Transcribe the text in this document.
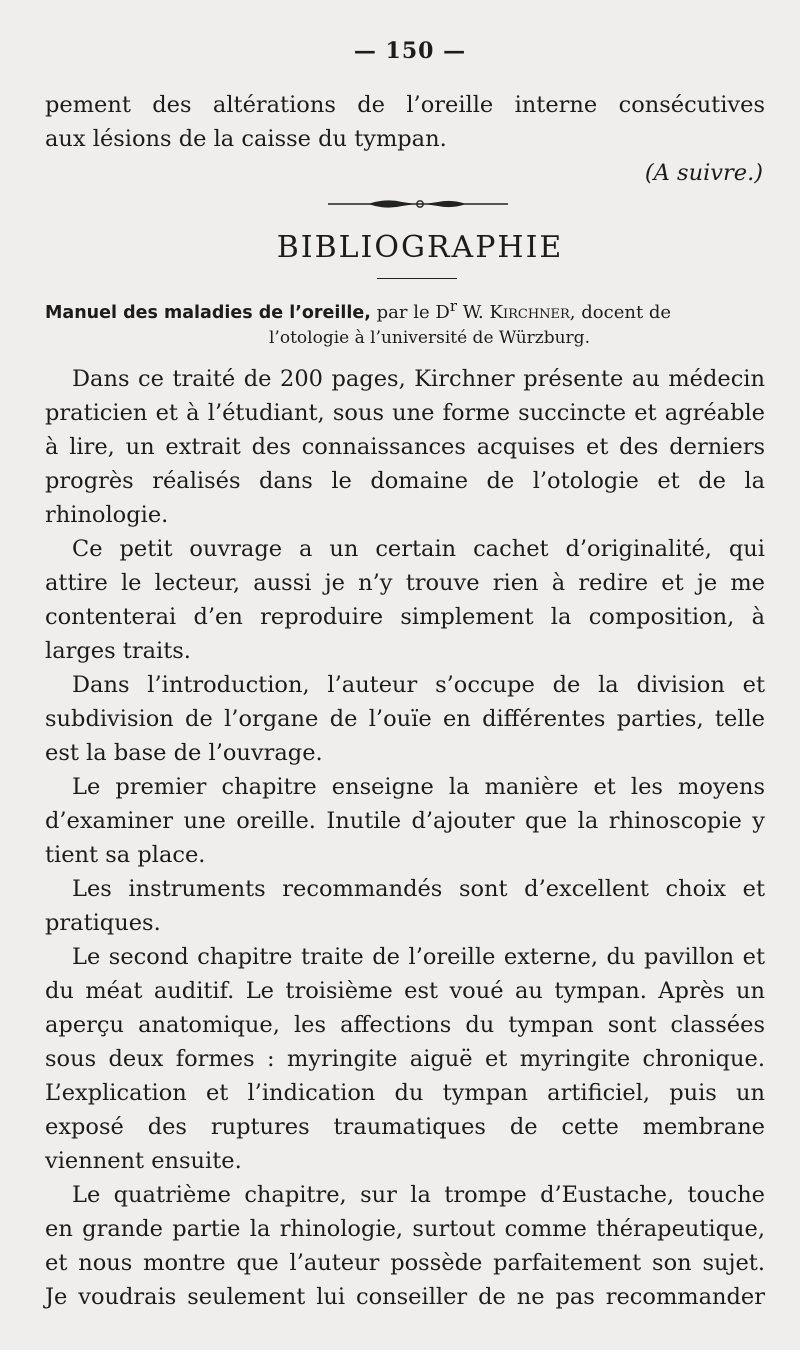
— 150 —
pement des altérations de l’oreille interne consécutives
aux lésions de la caisse du tympan.
(A suivre.)
BIBLIOGRAPHIE
Manuel des maladies de l’oreille, par le $D^r$ W. Kirchner, docent de
l’otologie à l’université de Würzburg.
Dans ce traité de 200 pages, Kirchner présente au médecin
praticien et à l’étudiant, sous une forme succincte et agréable
à lire, un extrait des connaissances acquises et des derniers
progrès réalisés dans le domaine de l’otologie et de la
rhinologie.
Ce petit ouvrage a un certain cachet d’originalité, qui
attire le lecteur, aussi je n’y trouve rien à redire et je me
contenterai d’en reproduire simplement la composition, à
larges traits.
Dans l’introduction, l’auteur s’occupe de la division et
subdivision de l’organe de l’ouïe en différentes parties, telle
est la base de l’ouvrage.
Le premier chapitre enseigne la manière et les moyens
d’examiner une oreille. Inutile d’ajouter que la rhinoscopie y
tient sa place.
Les instruments recommandés sont d’excellent choix et
pratiques.
Le second chapitre traite de l’oreille externe, du pavillon et
du méat auditif. Le troisième est voué au tympan. Après un
aperçu anatomique, les affections du tympan sont classées
sous deux formes : myringite aiguë et myringite chronique.
L’explication et l’indication du tympan artificiel, puis un
exposé des ruptures traumatiques de cette membrane
viennent ensuite.
Le quatrième chapitre, sur la trompe d’Eustache, touche
en grande partie la rhinologie, surtout comme thérapeutique,
et nous montre que l’auteur possède parfaitement son sujet.
Je voudrais seulement lui conseiller de ne pas recommander
